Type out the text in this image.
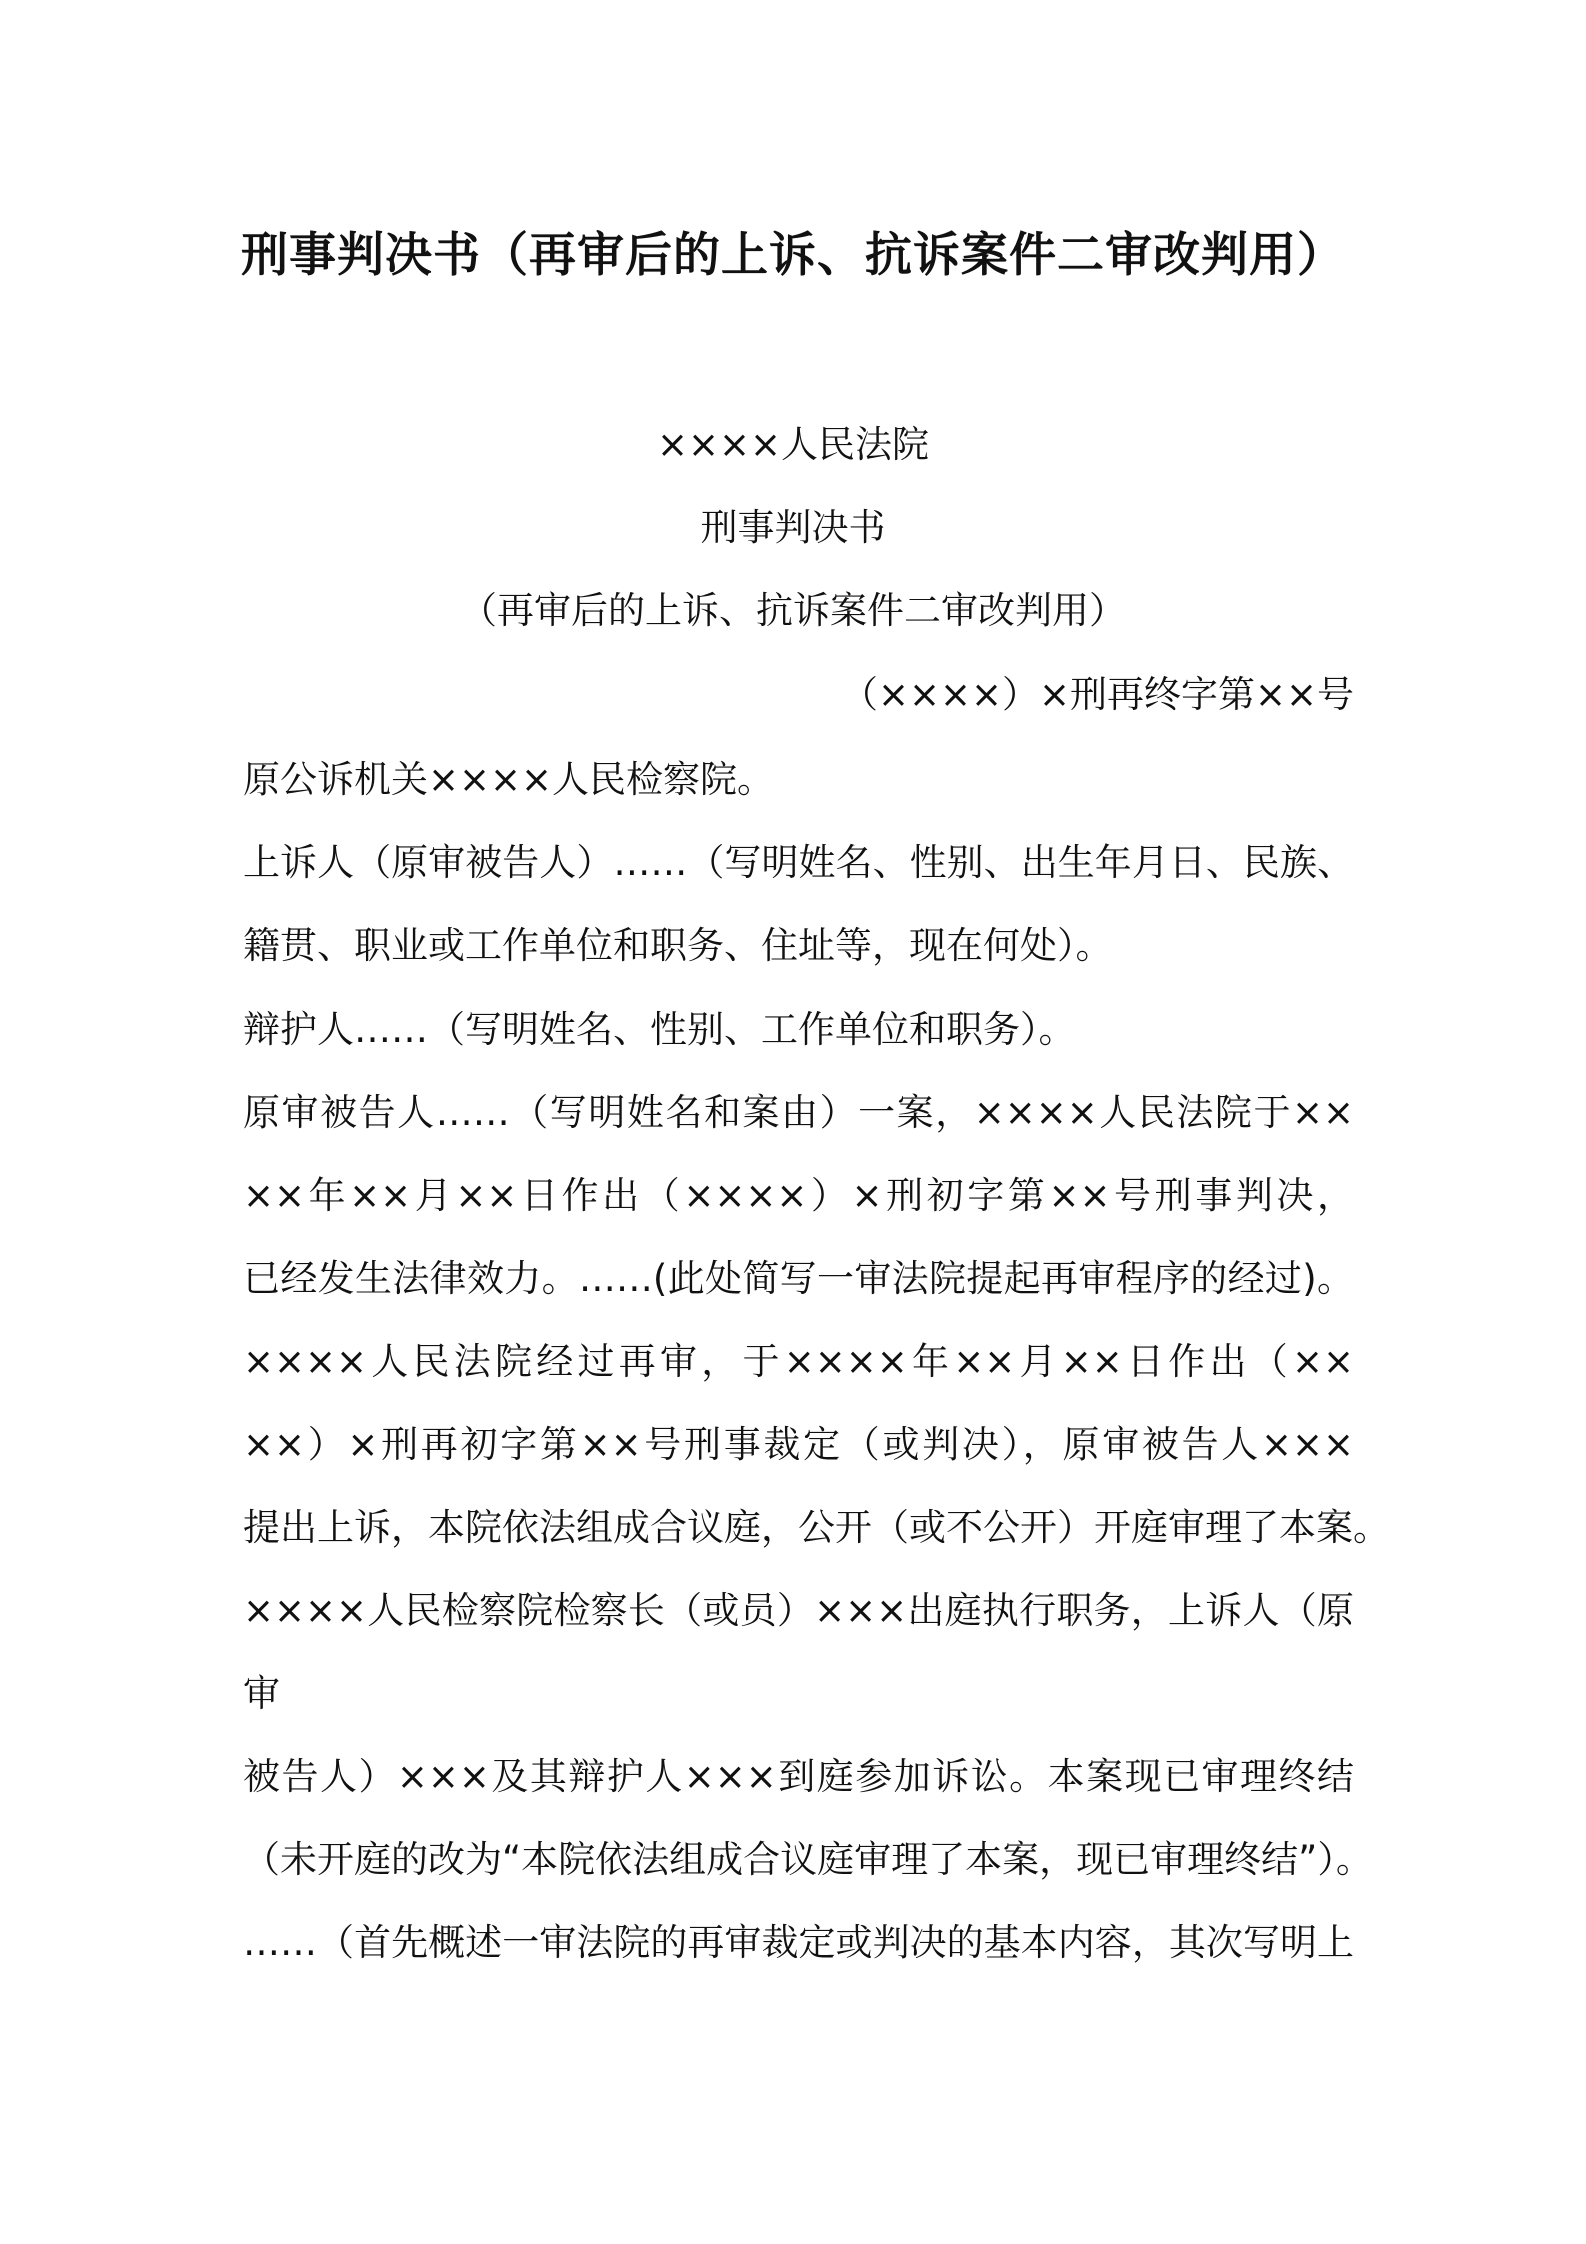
刑事判决书（再审后的上诉、抗诉案件二审改判用）
××××人民法院
刑事判决书
（再审后的上诉、抗诉案件二审改判用）
（××××）×刑再终字第××号
原公诉机关××××人民检察院。
上诉人（原审被告人）……（写明姓名、性别、出生年月日、民族、
籍贯、职业或工作单位和职务、住址等，现在何处）。
辩护人……（写明姓名、性别、工作单位和职务）。
原审被告人……（写明姓名和案由）一案，××××人民法院于××
××年××月××日作出（××××）×刑初字第××号刑事判决，
已经发生法律效力。……(此处简写一审法院提起再审程序的经过)。
××××人民法院经过再审，于××××年××月××日作出（××
××）×刑再初字第××号刑事裁定（或判决），原审被告人×××
提出上诉，本院依法组成合议庭，公开（或不公开）开庭审理了本案。
××××人民检察院检察长（或员）×××出庭执行职务，上诉人（原
审
被告人）×××及其辩护人×××到庭参加诉讼。本案现已审理终结
（未开庭的改为“本院依法组成合议庭审理了本案，现已审理终结”）。
……（首先概述一审法院的再审裁定或判决的基本内容，其次写明上
